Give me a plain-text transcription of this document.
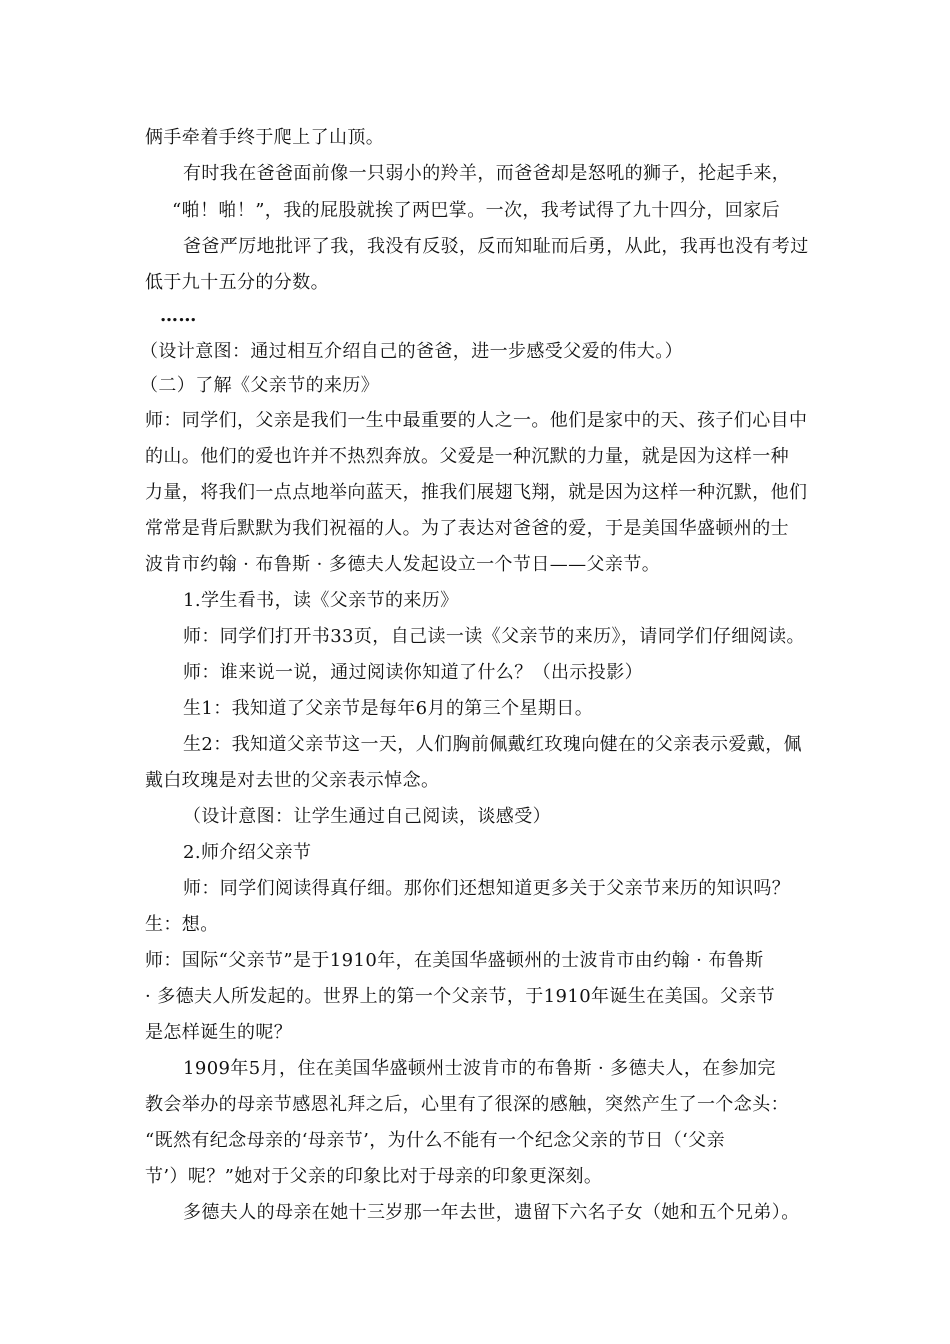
俩手牵着手终于爬上了山顶。
有时我在爸爸面前像一只弱小的羚羊，而爸爸却是怒吼的狮子，抡起手来，
“啪！啪！”，我的屁股就挨了两巴掌。一次，我考试得了九十四分，回家后
爸爸严厉地批评了我，我没有反驳，反而知耻而后勇，从此，我再也没有考过
低于九十五分的分数。
……
（设计意图：通过相互介绍自己的爸爸，进一步感受父爱的伟大。）
（二）了解《父亲节的来历》
师：同学们，父亲是我们一生中最重要的人之一。他们是家中的天、孩子们心目中
的山。他们的爱也许并不热烈奔放。父爱是一种沉默的力量，就是因为这样一种
力量，将我们一点点地举向蓝天，推我们展翅飞翔，就是因为这样一种沉默，他们
常常是背后默默为我们祝福的人。为了表达对爸爸的爱，于是美国华盛顿州的士
波肯市约翰 · 布鲁斯 · 多德夫人发起设立一个节日——父亲节。
1.学生看书，读《父亲节的来历》
师：同学们打开书33页，自己读一读《父亲节的来历》，请同学们仔细阅读。
师：谁来说一说，通过阅读你知道了什么？（出示投影）
生1：我知道了父亲节是每年6月的第三个星期日。
生2：我知道父亲节这一天，人们胸前佩戴红玫瑰向健在的父亲表示爱戴，佩
戴白玫瑰是对去世的父亲表示悼念。
（设计意图：让学生通过自己阅读，谈感受）
2.师介绍父亲节
师：同学们阅读得真仔细。那你们还想知道更多关于父亲节来历的知识吗？
生：想。
师：国际“父亲节”是于1910年，在美国华盛顿州的士波肯市由约翰 · 布鲁斯
· 多德夫人所发起的。世界上的第一个父亲节，于1910年诞生在美国。父亲节
是怎样诞生的呢？
1909年5月，住在美国华盛顿州士波肯市的布鲁斯 · 多德夫人，在参加完
教会举办的母亲节感恩礼拜之后，心里有了很深的感触，突然产生了一个念头：
“既然有纪念母亲的‘母亲节’，为什么不能有一个纪念父亲的节日（‘父亲
节’）呢？”她对于父亲的印象比对于母亲的印象更深刻。
多德夫人的母亲在她十三岁那一年去世，遗留下六名子女（她和五个兄弟）。
